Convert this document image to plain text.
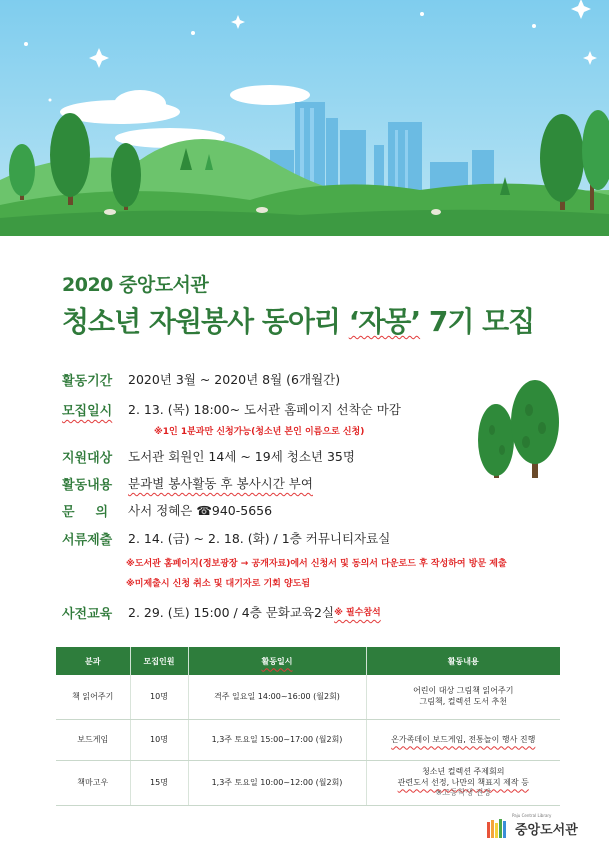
2020 중앙도서관
청소년 자원봉사 동아리 ‘자몽’ 7기 모집
활동기간	2020년 3월 ~ 2020년 8월 (6개월간)
모집일시	2. 13. (목) 18:00~ 도서관 홈페이지 선착순 마감
※1인 1분과만 신청가능(청소년 본인 이름으로 신청)
지원대상	도서관 회원인 14세 ~ 19세 청소년 35명
활동내용	분과별 봉사활동 후 봉사시간 부여
문 의 사서 정혜은 ☎940-5656
서류제출	2. 14. (금) ~ 2. 18. (화) / 1층 커뮤니티자료실
※도서관 홈페이지(정보광장 → 공개자료)에서 신청서 및 동의서 다운로드 후 작성하여 방문 제출
※미제출시 신청 취소 및 대기자로 기회 양도됨
사전교육	2. 29. (토) 15:00 / 4층 문화교육2실 ※ 필수참석
분과	모집인원	활동일시	활동내용
책 읽어주기	10명	격주 일요일 14:00~16:00 (월2회)	어린이 대상 그림책 읽어주기
그림책, 컬렉션 도서 추천

보드게임	10명	1,3주 토요일 15:00~17:00 (월2회)	온가족데이 보드게임, 전통놀이 행사 진행

책마고우	15명	1,3주 토요일 10:00~12:00 (월2회)	청소년 컬렉션 주제회의
관련도서 선정, 나만의 책표지 제작 등
※고등학생 권장
Paju Central Library
중앙도서관
